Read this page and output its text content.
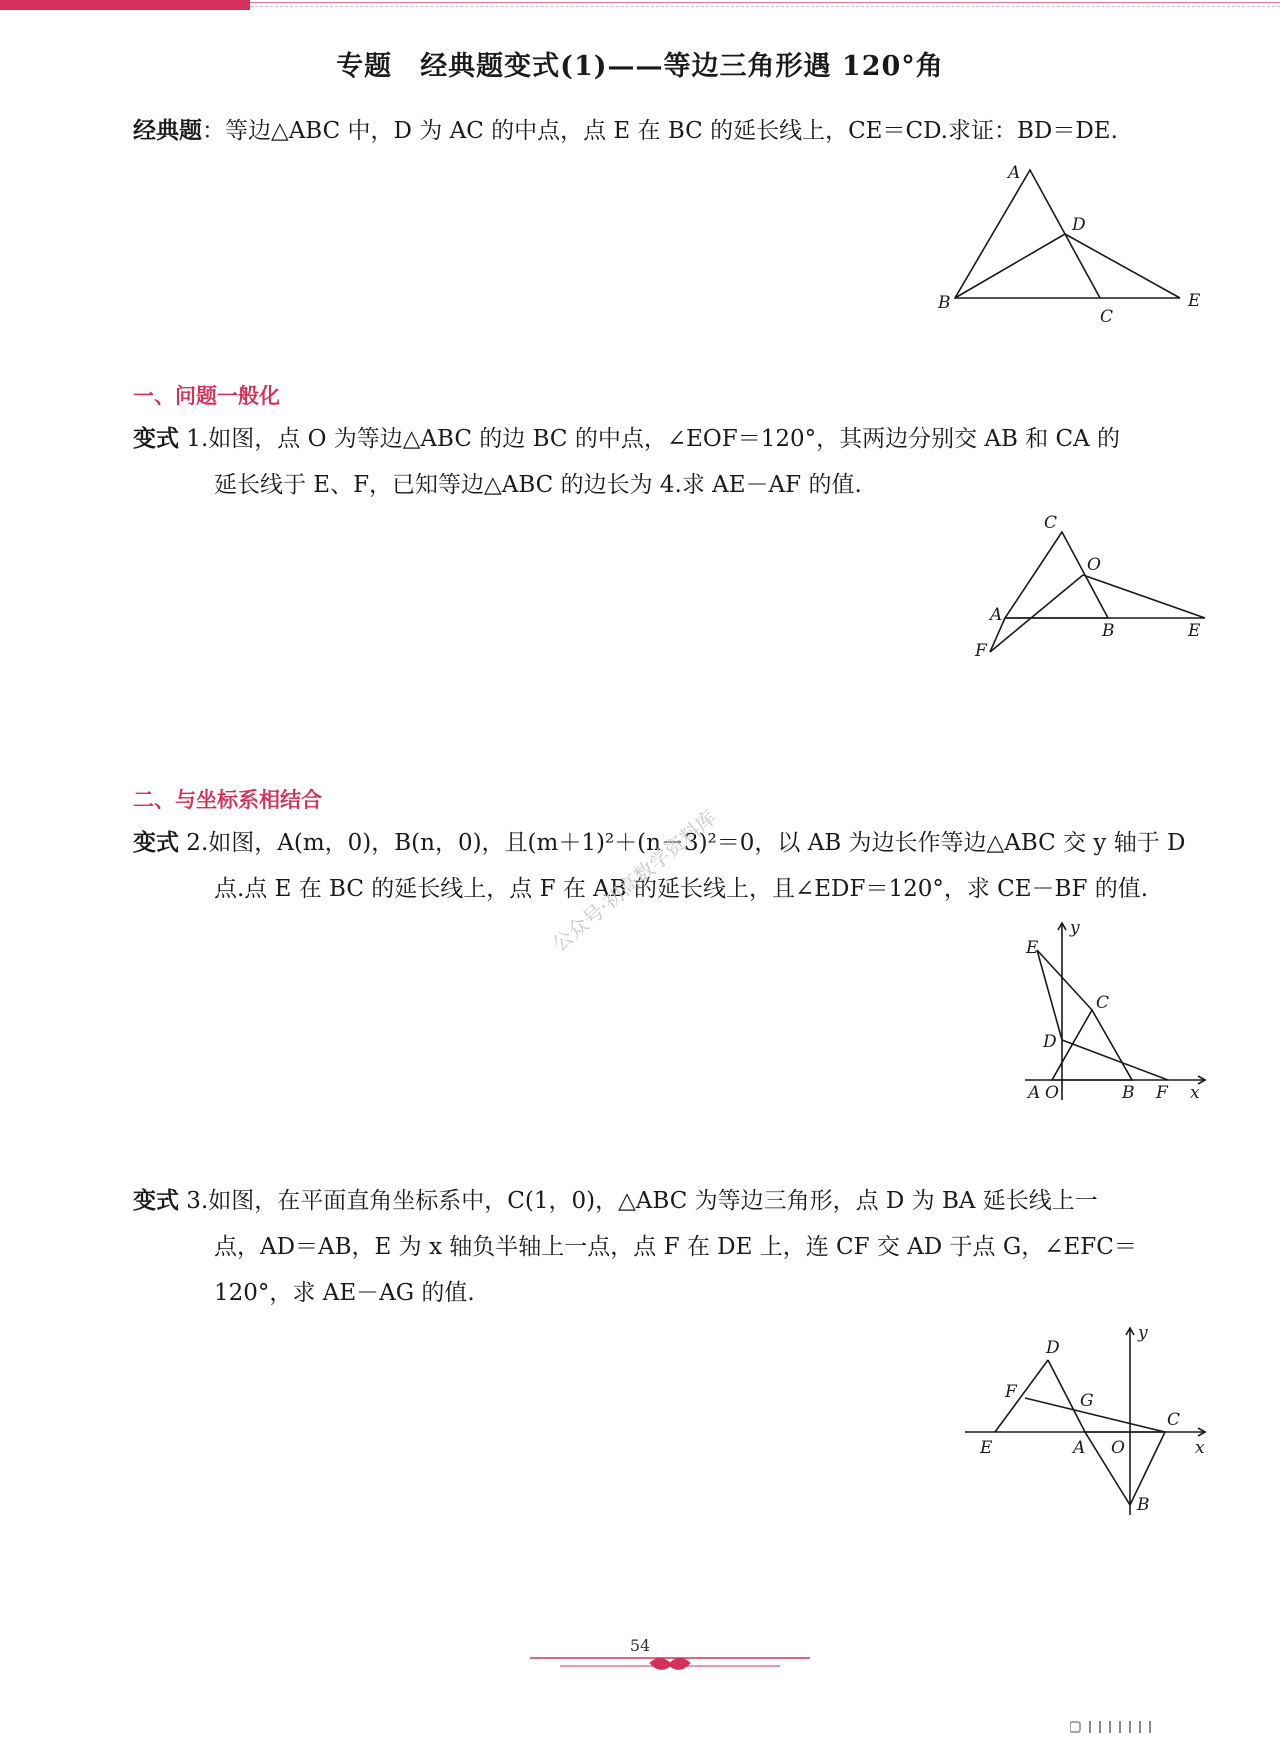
专题 经典题变式(1)——等边三角形遇 120°角
经典题：等边△ABC 中，D 为 AC 的中点，点 E 在 BC 的延长线上，CE＝CD.求证：BD＝DE.
A
D
B
C
E
一、问题一般化
变式 1.如图，点 O 为等边△ABC 的边 BC 的中点，∠EOF＝120°，其两边分别交 AB 和 CA 的
延长线于 E、F，已知等边△ABC 的边长为 4.求 AE－AF 的值.
C
O
A
B	E
F
二、与坐标系相结合
变式 2.如图，A(m，0)，B(n，0)，且(m＋1)²＋(n－3)²＝0，以 AB 为边长作等边△ABC 交 y 轴于 D
点.点 E 在 BC 的延长线上，点 F 在 AB 的延长线上，且∠EDF＝120°，求 CE－BF 的值.
公众号·初高数学资料库	y
E
C
D
A O	B F x
变式 3.如图，在平面直角坐标系中，C(1，0)，△ABC 为等边三角形，点 D 为 BA 延长线上一
点，AD＝AB，E 为 x 轴负半轴上一点，点 F 在 DE 上，连 CF 交 AD 于点 G，∠EFC＝
120°，求 AE－AG 的值.
y
D
F	G
C
E	A O	x
B
54
